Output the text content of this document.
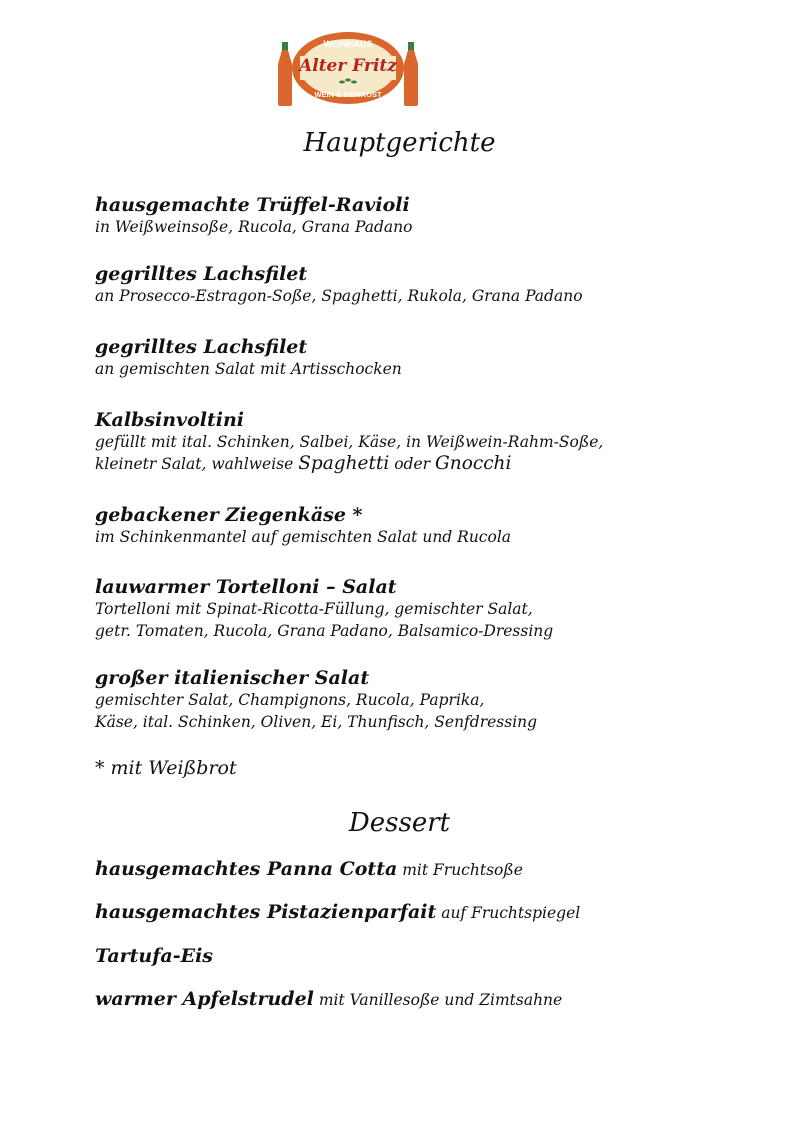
WEINHAUS
Alter Fritz
WEIN & FEINKOST
Hauptgerichte
hausgemachte Trüffel-Ravioli
in Weißweinsoße, Rucola, Grana Padano
gegrilltes Lachsfilet
an Prosecco-Estragon-Soße, Spaghetti, Rukola, Grana Padano
gegrilltes Lachsfilet
an gemischten Salat mit Artisschocken
Kalbsinvoltini
gefüllt mit ital. Schinken, Salbei, Käse, in Weißwein-Rahm-Soße,
kleinetr Salat, wahlweise Spaghetti oder Gnocchi
gebackener Ziegenkäse *
im Schinkenmantel auf gemischten Salat und Rucola
lauwarmer Tortelloni – Salat
Tortelloni mit Spinat-Ricotta-Füllung, gemischter Salat,
getr. Tomaten, Rucola, Grana Padano, Balsamico-Dressing
großer italienischer Salat
gemischter Salat, Champignons, Rucola, Paprika,
Käse, ital. Schinken, Oliven, Ei, Thunfisch, Senfdressing
* mit Weißbrot
hausgemachtes Panna Cotta mit Fruchtsoße
hausgemachtes Pistazienparfait auf Fruchtspiegel
Tartufa-Eis
warmer Apfelstrudel mit Vanillesoße und Zimtsahne
Dessert
